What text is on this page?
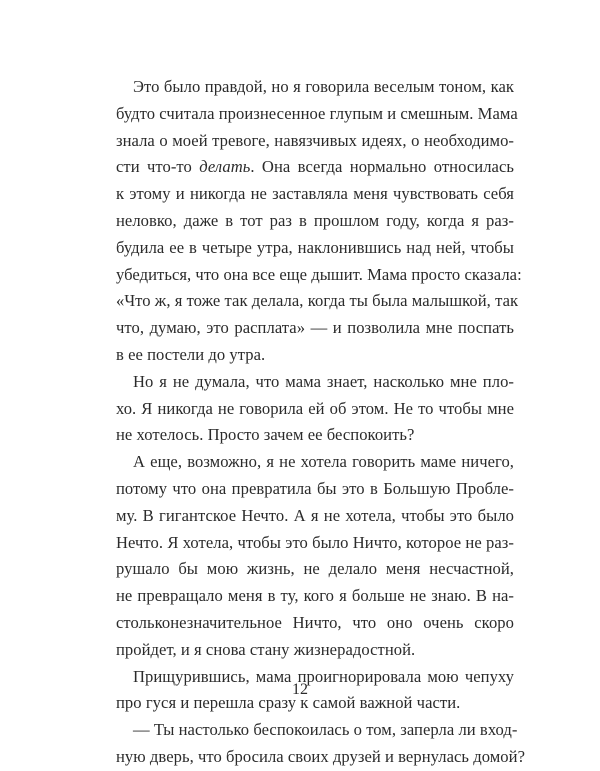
Это было правдой, но я говорила веселым тоном, как
будто считала произнесенное глупым и смешным. Мама
знала о моей тревоге, навязчивых идеях, о необходимо-
сти что-то делать. Она всегда нормально относилась
к этому и никогда не заставляла меня чувствовать себя
неловко, даже в тот раз в прошлом году, когда я раз-
будила ее в четыре утра, наклонившись над ней, чтобы
убедиться, что она все еще дышит. Мама просто сказала:
«Что ж, я тоже так делала, когда ты была малышкой, так
что, думаю, это расплата» — и позволила мне поспать
в ее постели до утра.
Но я не думала, что мама знает, насколько мне пло-
хо. Я никогда не говорила ей об этом. Не то чтобы мне
не хотелось. Просто зачем ее беспокоить?
А еще, возможно, я не хотела говорить маме ничего,
потому что она превратила бы это в Большую Пробле-
му. В гигантское Нечто. А я не хотела, чтобы это было
Нечто. Я хотела, чтобы это было Ничто, которое не раз-
рушало бы мою жизнь, не делало меня несчастной,
не превращало меня в ту, кого я больше не знаю. В на-
стольконезначительное Ничто, что оно очень скоро
пройдет, и я снова стану жизнерадостной.
Прищурившись, мама проигнорировала мою чепуху
про гуся и перешла сразу к самой важной части.
— Ты настолько беспокоилась о том, заперла ли вход-
ную дверь, что бросила своих друзей и вернулась домой?
12
